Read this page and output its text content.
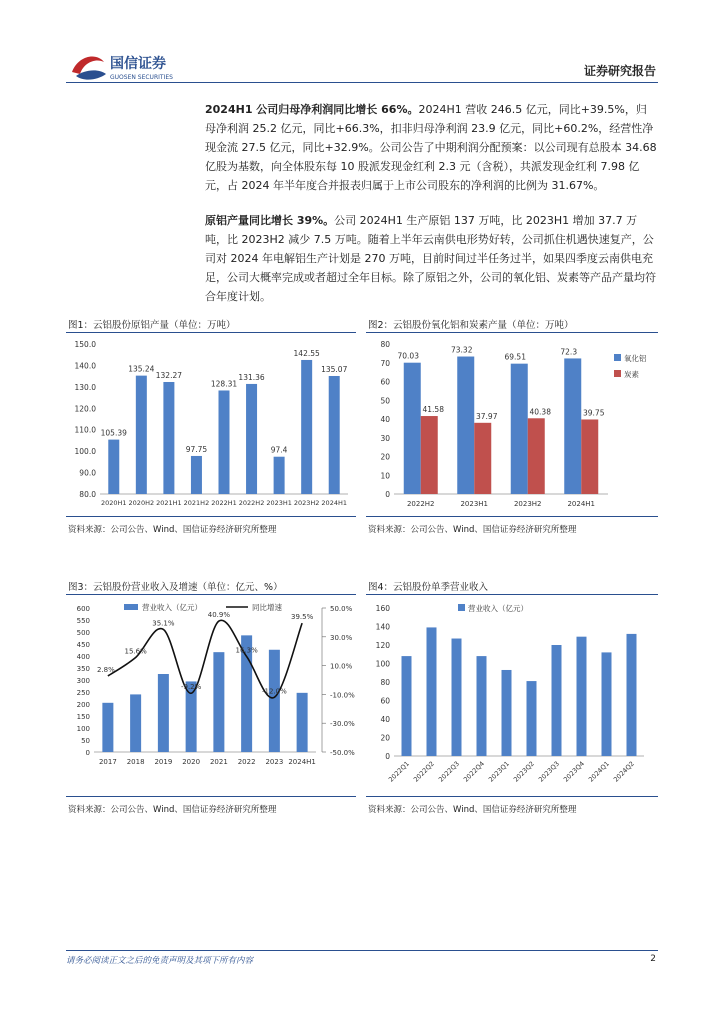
国信证券
GUOSEN SECURITIES	证券研究报告
2024H1 公司归母净利润同比增长 66%。2024H1 营收 246.5 亿元，同比+39.5%，归母净利润 25.2 亿元，同比+66.3%，扣非归母净利润 23.9 亿元，同比+60.2%，经营性净现金流 27.5 亿元，同比+32.9%。公司公告了中期利润分配预案：以公司现有总股本 34.68 亿股为基数，向全体股东每 10 股派发现金红利 2.3 元（含税），共派发现金红利 7.98 亿元，占 2024 年半年度合并报表归属于上市公司股东的净利润的比例为 31.67%。
原铝产量同比增长 39%。公司 2024H1 生产原铝 137 万吨，比 2023H1 增加 37.7 万吨，比 2023H2 减少 7.5 万吨。随着上半年云南供电形势好转，公司抓住机遇快速复产，公司对 2024 年电解铝生产计划是 270 万吨，目前时间过半任务过半，如果四季度云南供电充足，公司大概率完成或者超过全年目标。除了原铝之外，公司的氧化铝、炭素等产品产量均符合年度计划。
图1：云铝股份原铝产量（单位：万吨）
80.0
90.0
100.0
110.0
120.0
130.0
140.0
150.0
105.39
2020H1
135.24
2020H2
132.27
2021H1
97.75
2021H2
128.31
2022H1
131.36
2022H2
97.4
2023H1
142.55
2023H2
135.07
2024H1
资料来源：公司公告、Wind、国信证券经济研究所整理
图2：云铝股份氧化铝和炭素产量（单位：万吨）
0
10
20
30
40
50
60
70
80
70.03
41.58
2022H2
73.32
37.97
2023H1
69.51
40.38
2023H2
72.3
39.75
2024H1
氧化铝
炭素
资料来源：公司公告、Wind、国信证券经济研究所整理
图3：云铝股份营业收入及增速（单位：亿元、%）
0
50
100
150
200
250
300
350
400
450
500
550
600
-50.0%
-30.0%
-10.0%
10.0%
30.0%
50.0%
2017 2018 2019 2020 2021 2022 2023 2024H1
2.8%
15.6%
35.1%
-9.2%
40.9%
16.3%
-12.0%
39.5%
营业收入（亿元）	同比增速
资料来源：公司公告、Wind、国信证券经济研究所整理
图4：云铝股份单季营业收入
0
20
40
60
80
100
120
140
160
2022Q1 2022Q2 2022Q3 2022Q4 2023Q1 2023Q2 2023Q3 2023Q4 2024Q1 2024Q2
营业收入（亿元）
资料来源：公司公告、Wind、国信证券经济研究所整理
请务必阅读正文之后的免责声明及其项下所有内容	2
